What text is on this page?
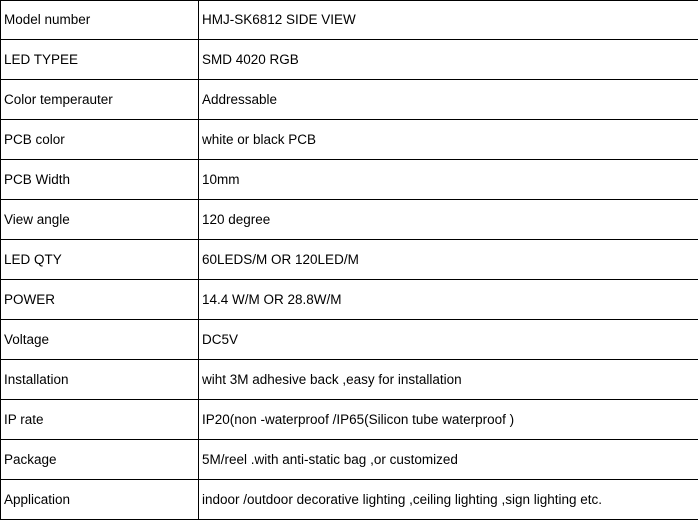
Model number	HMJ-SK6812 SIDE VIEW
LED TYPEE	SMD 4020 RGB
Color temperauter	Addressable
PCB color	white or black PCB
PCB Width	10mm
View angle	120 degree
LED QTY	60LEDS/M OR 120LED/M
POWER	14.4 W/M OR 28.8W/M
Voltage	DC5V
Installation	wiht 3M adhesive back ,easy for installation
IP rate	IP20(non -waterproof /IP65(Silicon tube waterproof )
Package	5M/reel .with anti-static bag ,or customized
Application	indoor /outdoor decorative lighting ,ceiling lighting ,sign lighting etc.
